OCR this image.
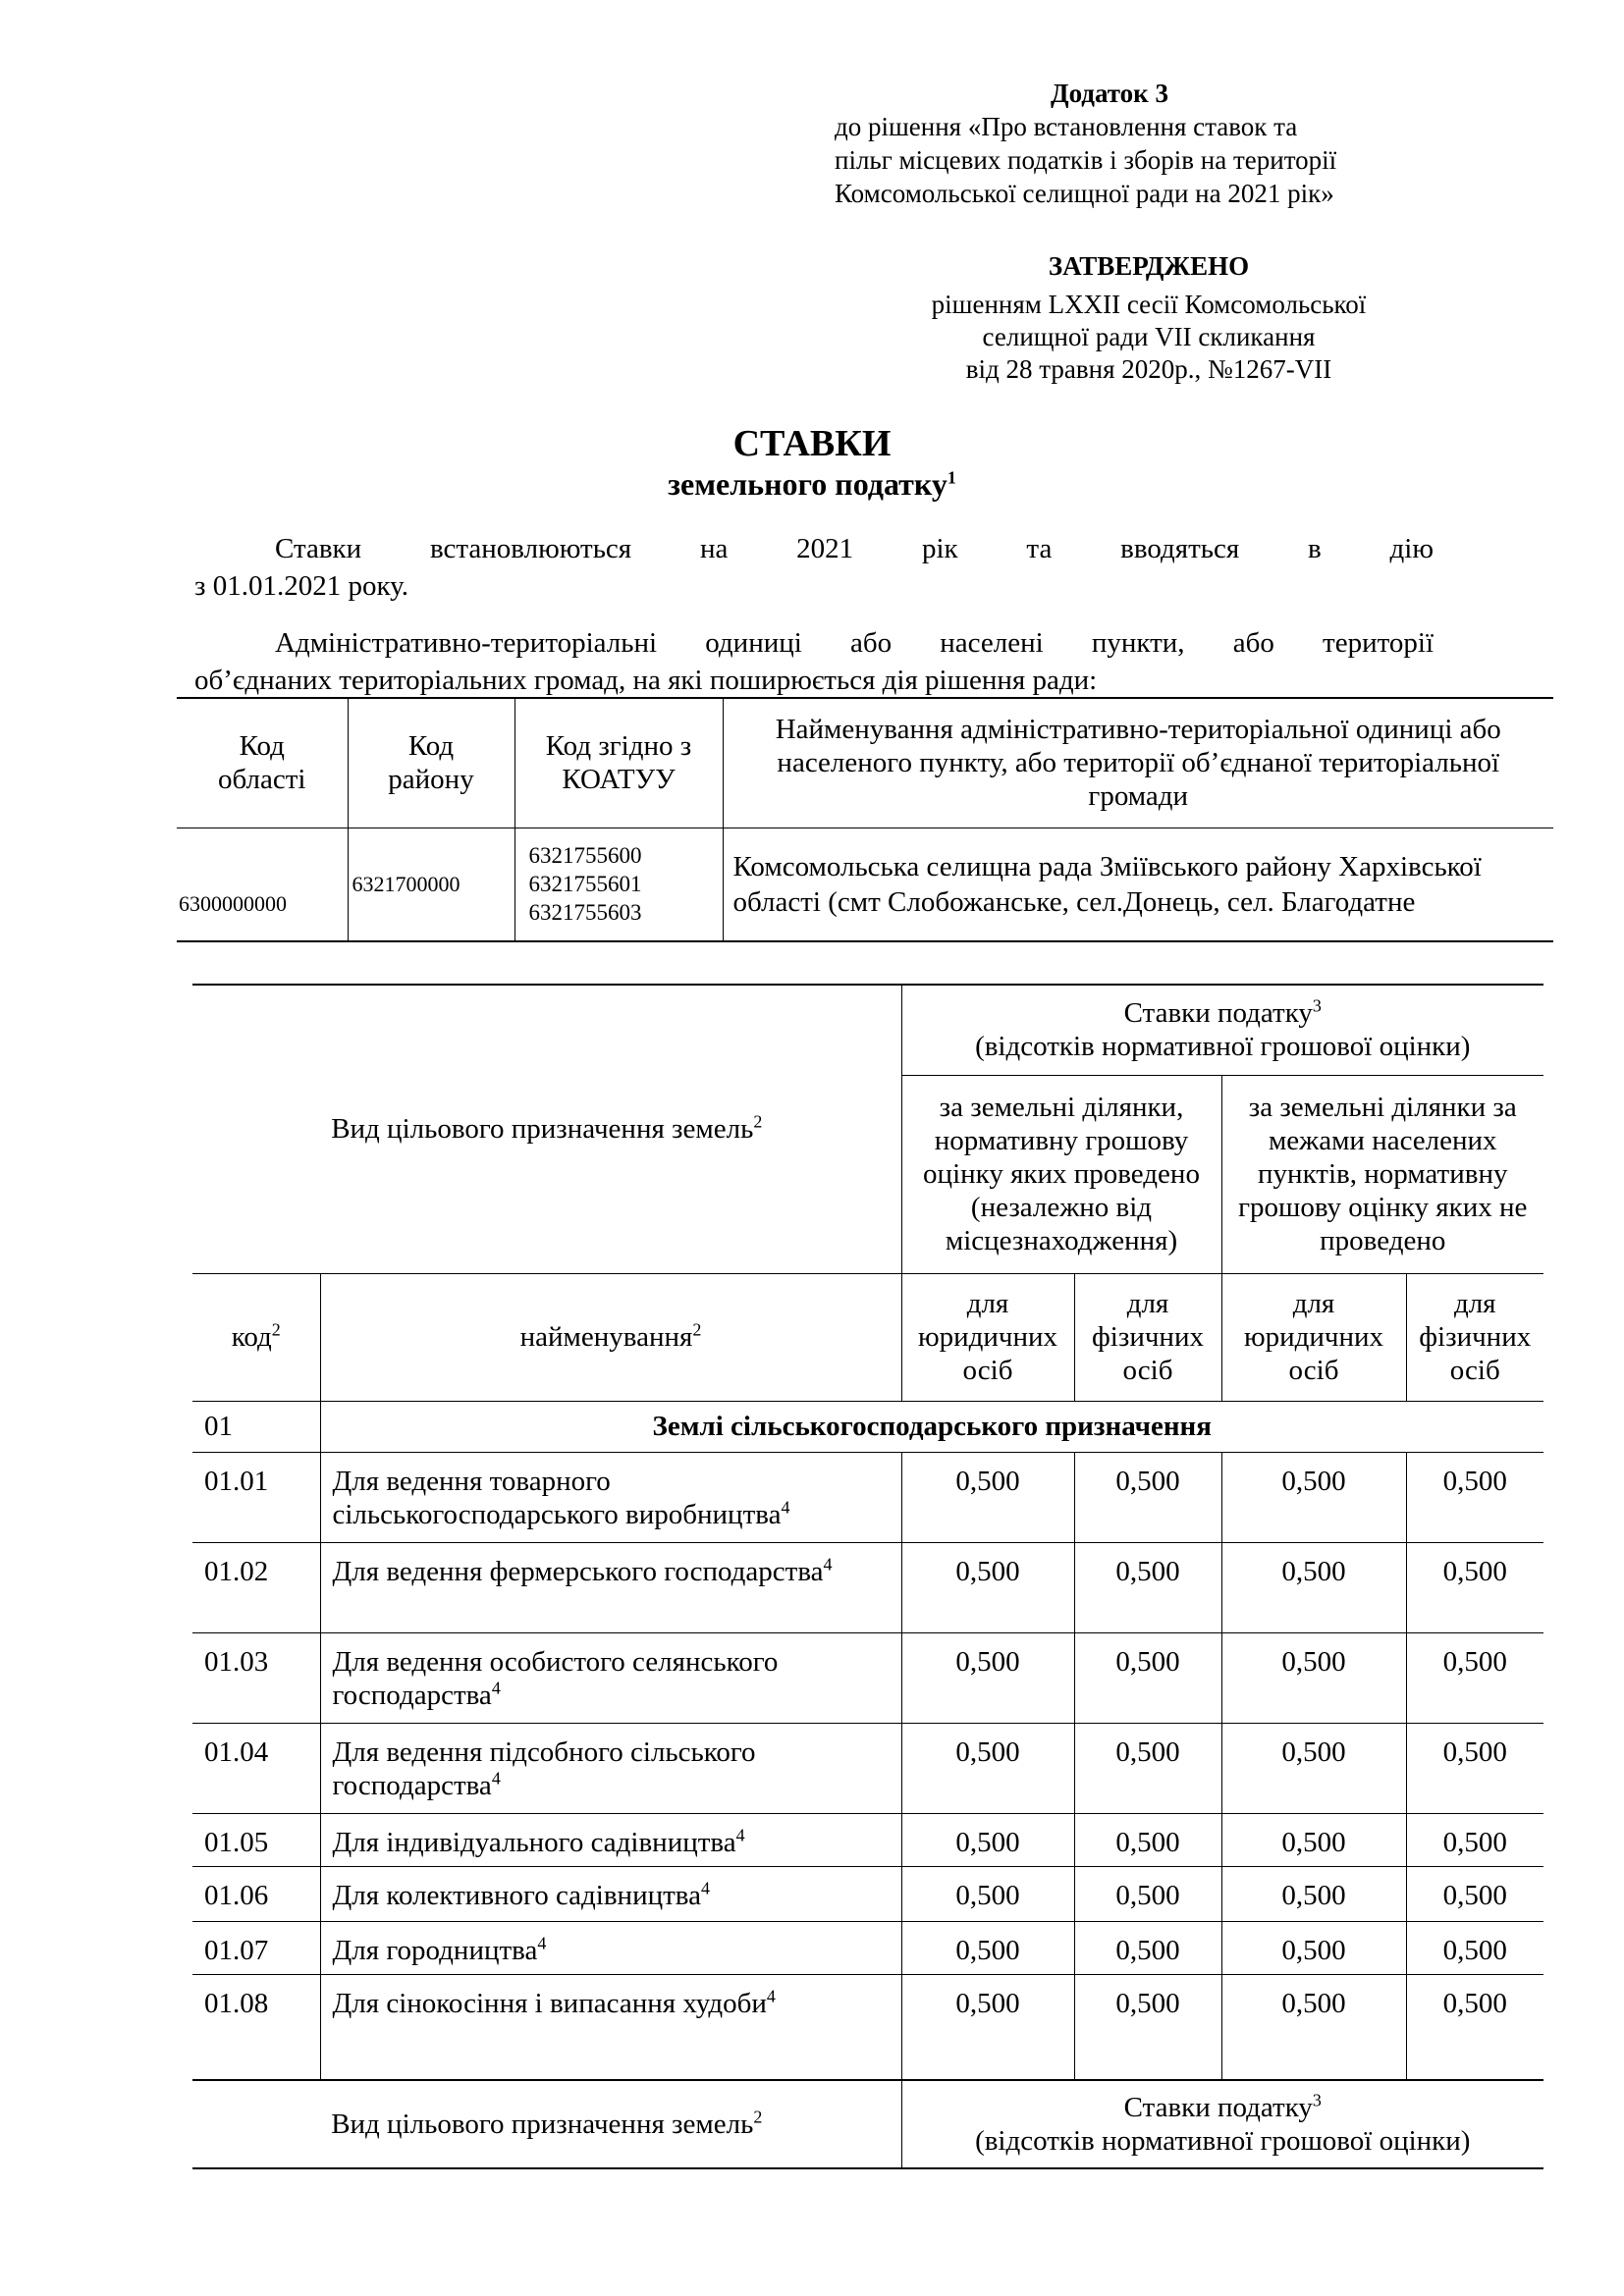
Додаток 3
до рішення «Про встановлення ставок та
пільг місцевих податків і зборів на території
Комсомольської селищної ради на 2021 рік»
ЗАТВЕРДЖЕНО
рішенням LXXII сесії Комсомольської
селищної ради VII скликання
від 28 травня 2020р., №1267-VII
СТАВКИ
земельного податку$^1$
Ставки встановлюються на 2021 рік та вводяться в дію
з 01.01.2021 року.
Адміністративно-територіальні одиниці або населені пункти, або території
об’єднаних територіальних громад, на які поширюється дія рішення ради:
Код області	Код району	Код згідно з КОАТУУ	Найменування адміністративно-територіальної одиниці або населеного пункту, або території об’єднаної територіальної громади
6300000000	6321700000	6321755600
6321755601
6321755603	Комсомольська селищна рада Зміївського району Хархівської області (смт Слобожанське, сел.Донець, сел. Благодатне
Вид цільового призначення земель$^2$		Ставки податку$^3$
(відсотків нормативної грошової оцінки)			

		за земельні ділянки, нормативну грошову оцінку яких проведено (незалежно від місцезнаходження)		за земельні ділянки за межами населених пунктів, нормативну грошову оцінку яких не проведено	
код$^2$	найменування$^2$	для юридичних осіб	для фізичних осіб	для юридичних осіб	для фізичних осіб
01	Землі сільськогосподарського призначення				
01.01	Для ведення товарного сільськогосподарського виробництва$^4$	0,500	0,500	0,500	0,500
01.02	Для ведення фермерського господарства$^4$	0,500	0,500	0,500	0,500
01.03	Для ведення особистого селянського господарства$^4$	0,500	0,500	0,500	0,500
01.04	Для ведення підсобного сільського господарства$^4$	0,500	0,500	0,500	0,500
01.05	Для індивідуального садівництва$^4$	0,500	0,500	0,500	0,500
01.06	Для колективного садівництва$^4$	0,500	0,500	0,500	0,500
01.07	Для городництва$^4$	0,500	0,500	0,500	0,500
01.08	Для сінокосіння і випасання худоби$^4$	0,500	0,500	0,500	0,500
Вид цільового призначення земель$^2$	Ставки податку$^3$
(відсотків нормативної грошової оцінки)
